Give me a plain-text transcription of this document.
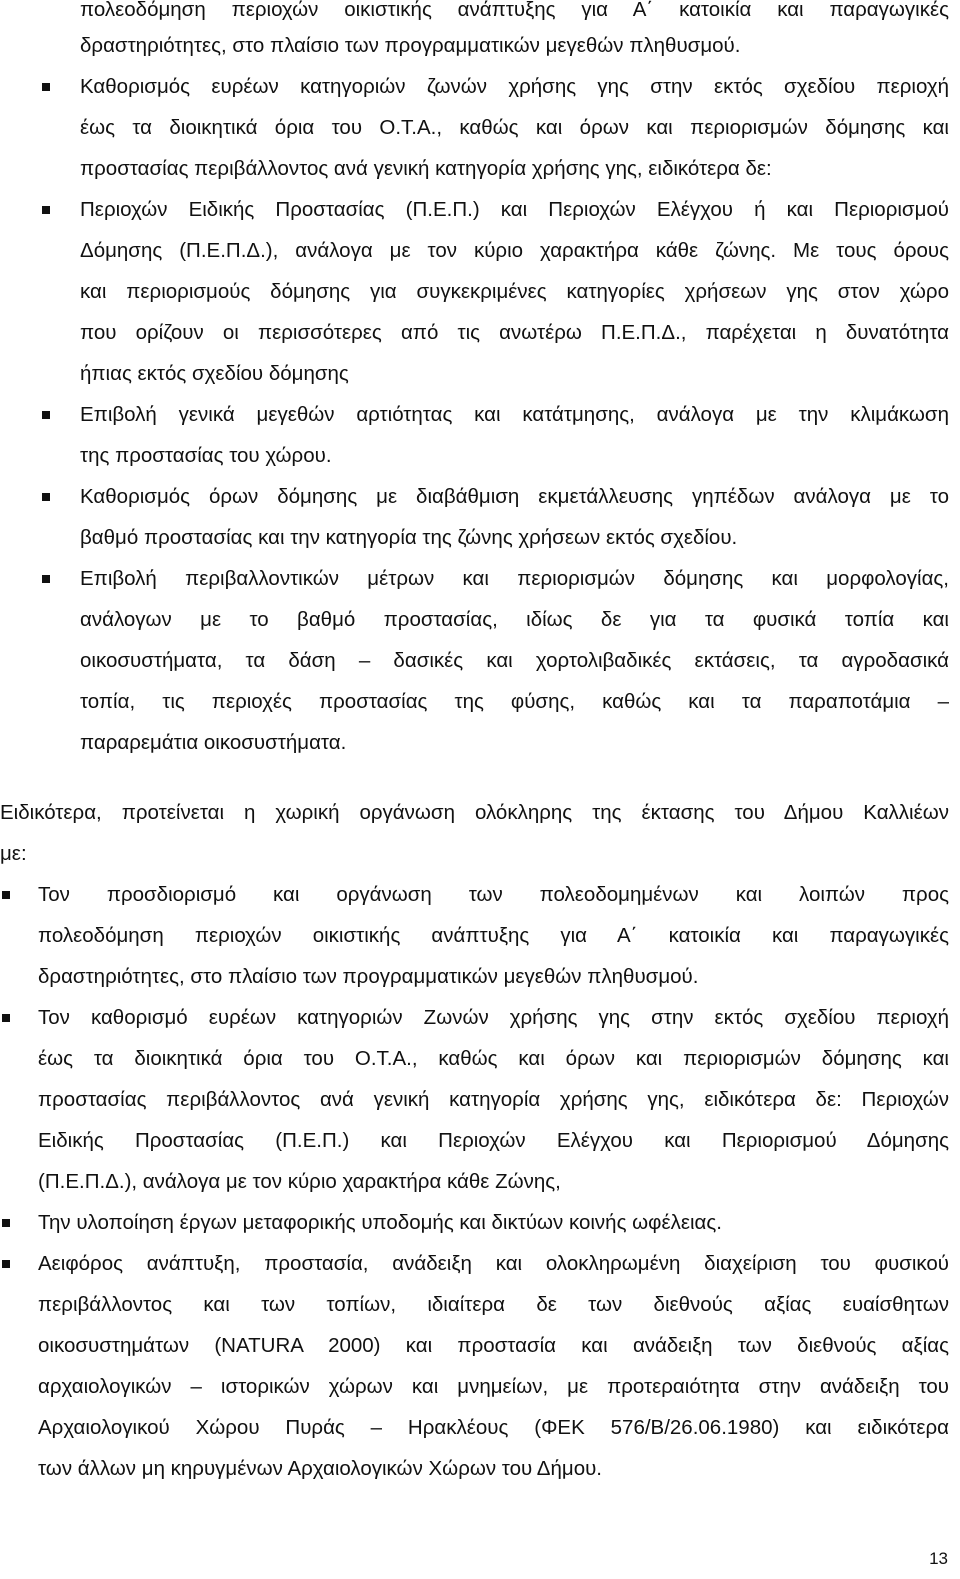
πολεοδόμηση περιοχών οικιστικής ανάπτυξης για Α΄ κατοικία και παραγωγικές
δραστηριότητες, στο πλαίσιο των προγραμματικών μεγεθών πληθυσμού.
Καθορισμός ευρέων κατηγοριών ζωνών χρήσης γης στην εκτός σχεδίου περιοχή
έως τα διοικητικά όρια του Ο.Τ.Α., καθώς και όρων και περιορισμών δόμησης και
προστασίας περιβάλλοντος ανά γενική κατηγορία χρήσης γης, ειδικότερα δε:
Περιοχών Ειδικής Προστασίας (Π.Ε.Π.) και Περιοχών Ελέγχου ή και Περιορισμού
Δόμησης (Π.Ε.Π.Δ.), ανάλογα με τον κύριο χαρακτήρα κάθε ζώνης. Με τους όρους
και περιορισμούς δόμησης για συγκεκριμένες κατηγορίες χρήσεων γης στον χώρο
που ορίζουν οι περισσότερες από τις ανωτέρω Π.Ε.Π.Δ., παρέχεται η δυνατότητα
ήπιας εκτός σχεδίου δόμησης
Επιβολή γενικά μεγεθών αρτιότητας και κατάτμησης, ανάλογα με την κλιμάκωση
της προστασίας του χώρου.
Καθορισμός όρων δόμησης με διαβάθμιση εκμετάλλευσης γηπέδων ανάλογα με το
βαθμό προστασίας και την κατηγορία της ζώνης χρήσεων εκτός σχεδίου.
Επιβολή περιβαλλοντικών μέτρων και περιορισμών δόμησης και μορφολογίας,
ανάλογων με το βαθμό προστασίας, ιδίως δε για τα φυσικά τοπία και
οικοσυστήματα, τα δάση – δασικές και χορτολιβαδικές εκτάσεις, τα αγροδασικά
τοπία, τις περιοχές προστασίας της φύσης, καθώς και τα παραποτάμια –
παραρεμάτια οικοσυστήματα.
Ειδικότερα, προτείνεται η χωρική οργάνωση ολόκληρης της έκτασης του Δήμου Καλλιέων
με:
Τον προσδιορισμό και οργάνωση των πολεοδομημένων και λοιπών προς
πολεοδόμηση περιοχών οικιστικής ανάπτυξης για Α΄ κατοικία και παραγωγικές
δραστηριότητες, στο πλαίσιο των προγραμματικών μεγεθών πληθυσμού.
Τον καθορισμό ευρέων κατηγοριών Ζωνών χρήσης γης στην εκτός σχεδίου περιοχή
έως τα διοικητικά όρια του Ο.Τ.Α., καθώς και όρων και περιορισμών δόμησης και
προστασίας περιβάλλοντος ανά γενική κατηγορία χρήσης γης, ειδικότερα δε: Περιοχών
Ειδικής Προστασίας (Π.Ε.Π.) και Περιοχών Ελέγχου και Περιορισμού Δόμησης
(Π.Ε.Π.Δ.), ανάλογα με τον κύριο χαρακτήρα κάθε Ζώνης,
Την υλοποίηση έργων μεταφορικής υποδομής και δικτύων κοινής ωφέλειας.
Αειφόρος ανάπτυξη, προστασία, ανάδειξη και ολοκληρωμένη διαχείριση του φυσικού
περιβάλλοντος και των τοπίων, ιδιαίτερα δε των διεθνούς αξίας ευαίσθητων
οικοσυστημάτων (NATURA 2000) και προστασία και ανάδειξη των διεθνούς αξίας
αρχαιολογικών – ιστορικών χώρων και μνημείων, με προτεραιότητα στην ανάδειξη του
Αρχαιολογικού Χώρου Πυράς – Ηρακλέους (ΦΕΚ 576/Β/26.06.1980) και ειδικότερα
των άλλων μη κηρυγμένων Αρχαιολογικών Χώρων του Δήμου.
13
